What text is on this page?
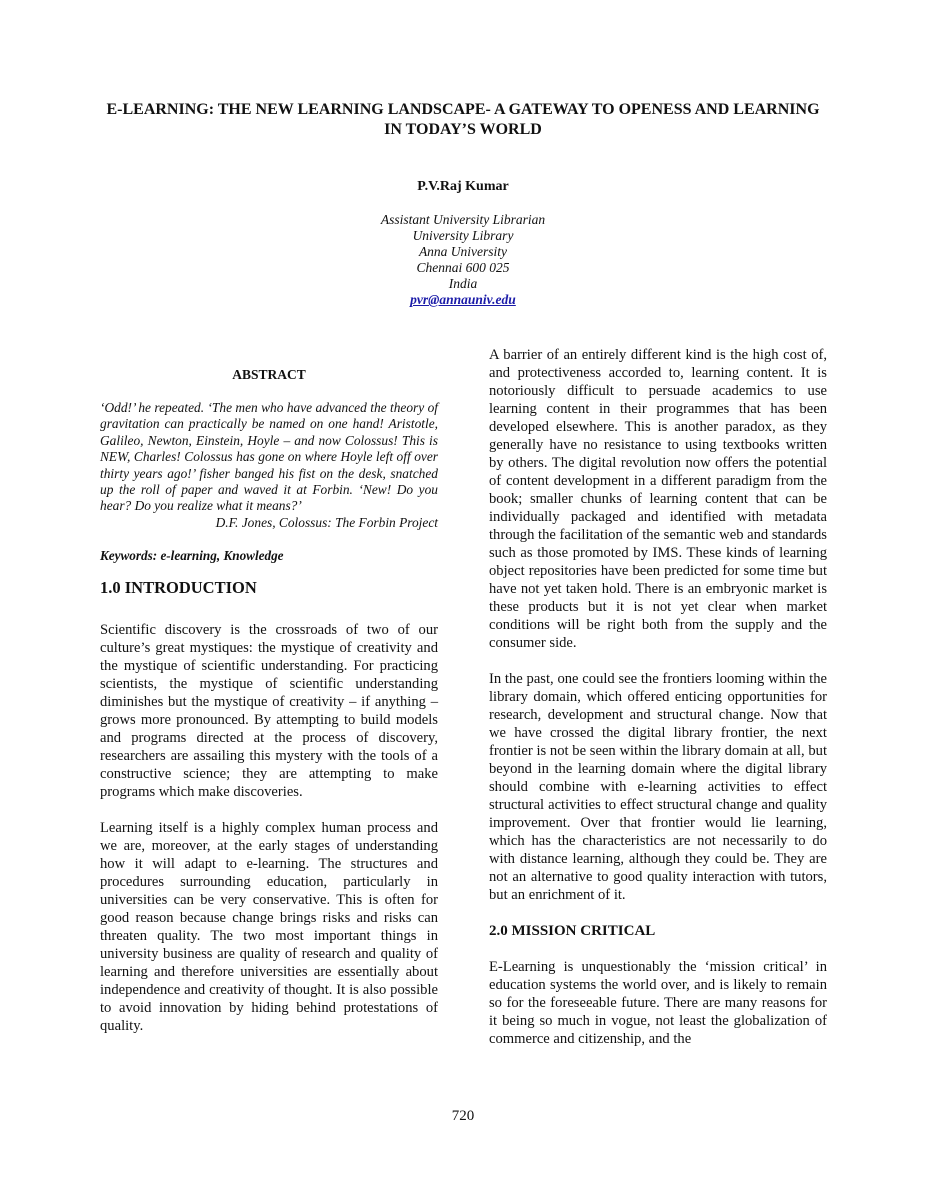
E-LEARNING: THE NEW LEARNING LANDSCAPE- A GATEWAY TO OPENESS AND LEARNING IN TODAY’S WORLD
P.V.Raj Kumar
Assistant University Librarian
University Library
Anna University
Chennai 600 025
India
pvr@annauniv.edu
ABSTRACT

‘Odd!’ he repeated. ‘The men who have advanced the theory of gravitation can practically be named on one hand! Aristotle, Galileo, Newton, Einstein, Hoyle – and now Colossus! This is NEW, Charles! Colossus has gone on where Hoyle left off over thirty years ago!’ fisher banged his fist on the desk, snatched up the roll of paper and waved it at Forbin. ‘New! Do you hear? Do you realize what it means?’

D.F. Jones, Colossus: The Forbin Project

Keywords: e-learning, Knowledge

1.0 INTRODUCTION

Scientific discovery is the crossroads of two of our culture’s great mystiques: the mystique of creativity and the mystique of scientific understanding. For practicing scientists, the mystique of scientific understanding diminishes but the mystique of creativity – if anything – grows more pronounced. By attempting to build models and programs directed at the process of discovery, researchers are assailing this mystery with the tools of a constructive science; they are attempting to make programs which make discoveries.

Learning itself is a highly complex human process and we are, moreover, at the early stages of understanding how it will adapt to e-learning. The structures and procedures surrounding education, particularly in universities can be very conservative. This is often for good reason because change brings risks and risks can threaten quality. The two most important things in university business are quality of research and quality of learning and therefore universities are essentially about independence and creativity of thought. It is also possible to avoid innovation by hiding behind protestations of quality.

A barrier of an entirely different kind is the high cost of, and protectiveness accorded to, learning content. It is notoriously difficult to persuade academics to use learning content in their programmes that has been developed elsewhere. This is another paradox, as they generally have no resistance to using textbooks written by others. The digital revolution now offers the potential of content development in a different paradigm from the book; smaller chunks of learning content that can be individually packaged and identified with metadata through the facilitation of the semantic web and standards such as those promoted by IMS. These kinds of learning object repositories have been predicted for some time but have not yet taken hold. There is an embryonic market is these products but it is not yet clear when market conditions will be right both from the supply and the consumer side.

In the past, one could see the frontiers looming within the library domain, which offered enticing opportunities for research, development and structural change. Now that we have crossed the digital library frontier, the next frontier is not be seen within the library domain at all, but beyond in the learning domain where the digital library should combine with e-learning activities to effect structural activities to effect structural change and quality improvement. Over that frontier would lie learning, which has the characteristics are not necessarily to do with distance learning, although they could be. They are not an alternative to good quality interaction with tutors, but an enrichment of it.

2.0 MISSION CRITICAL

E-Learning is unquestionably the ‘mission critical’ in education systems the world over, and is likely to remain so for the foreseeable future. There are many reasons for it being so much in vogue, not least the globalization of commerce and citizenship, and the

720
